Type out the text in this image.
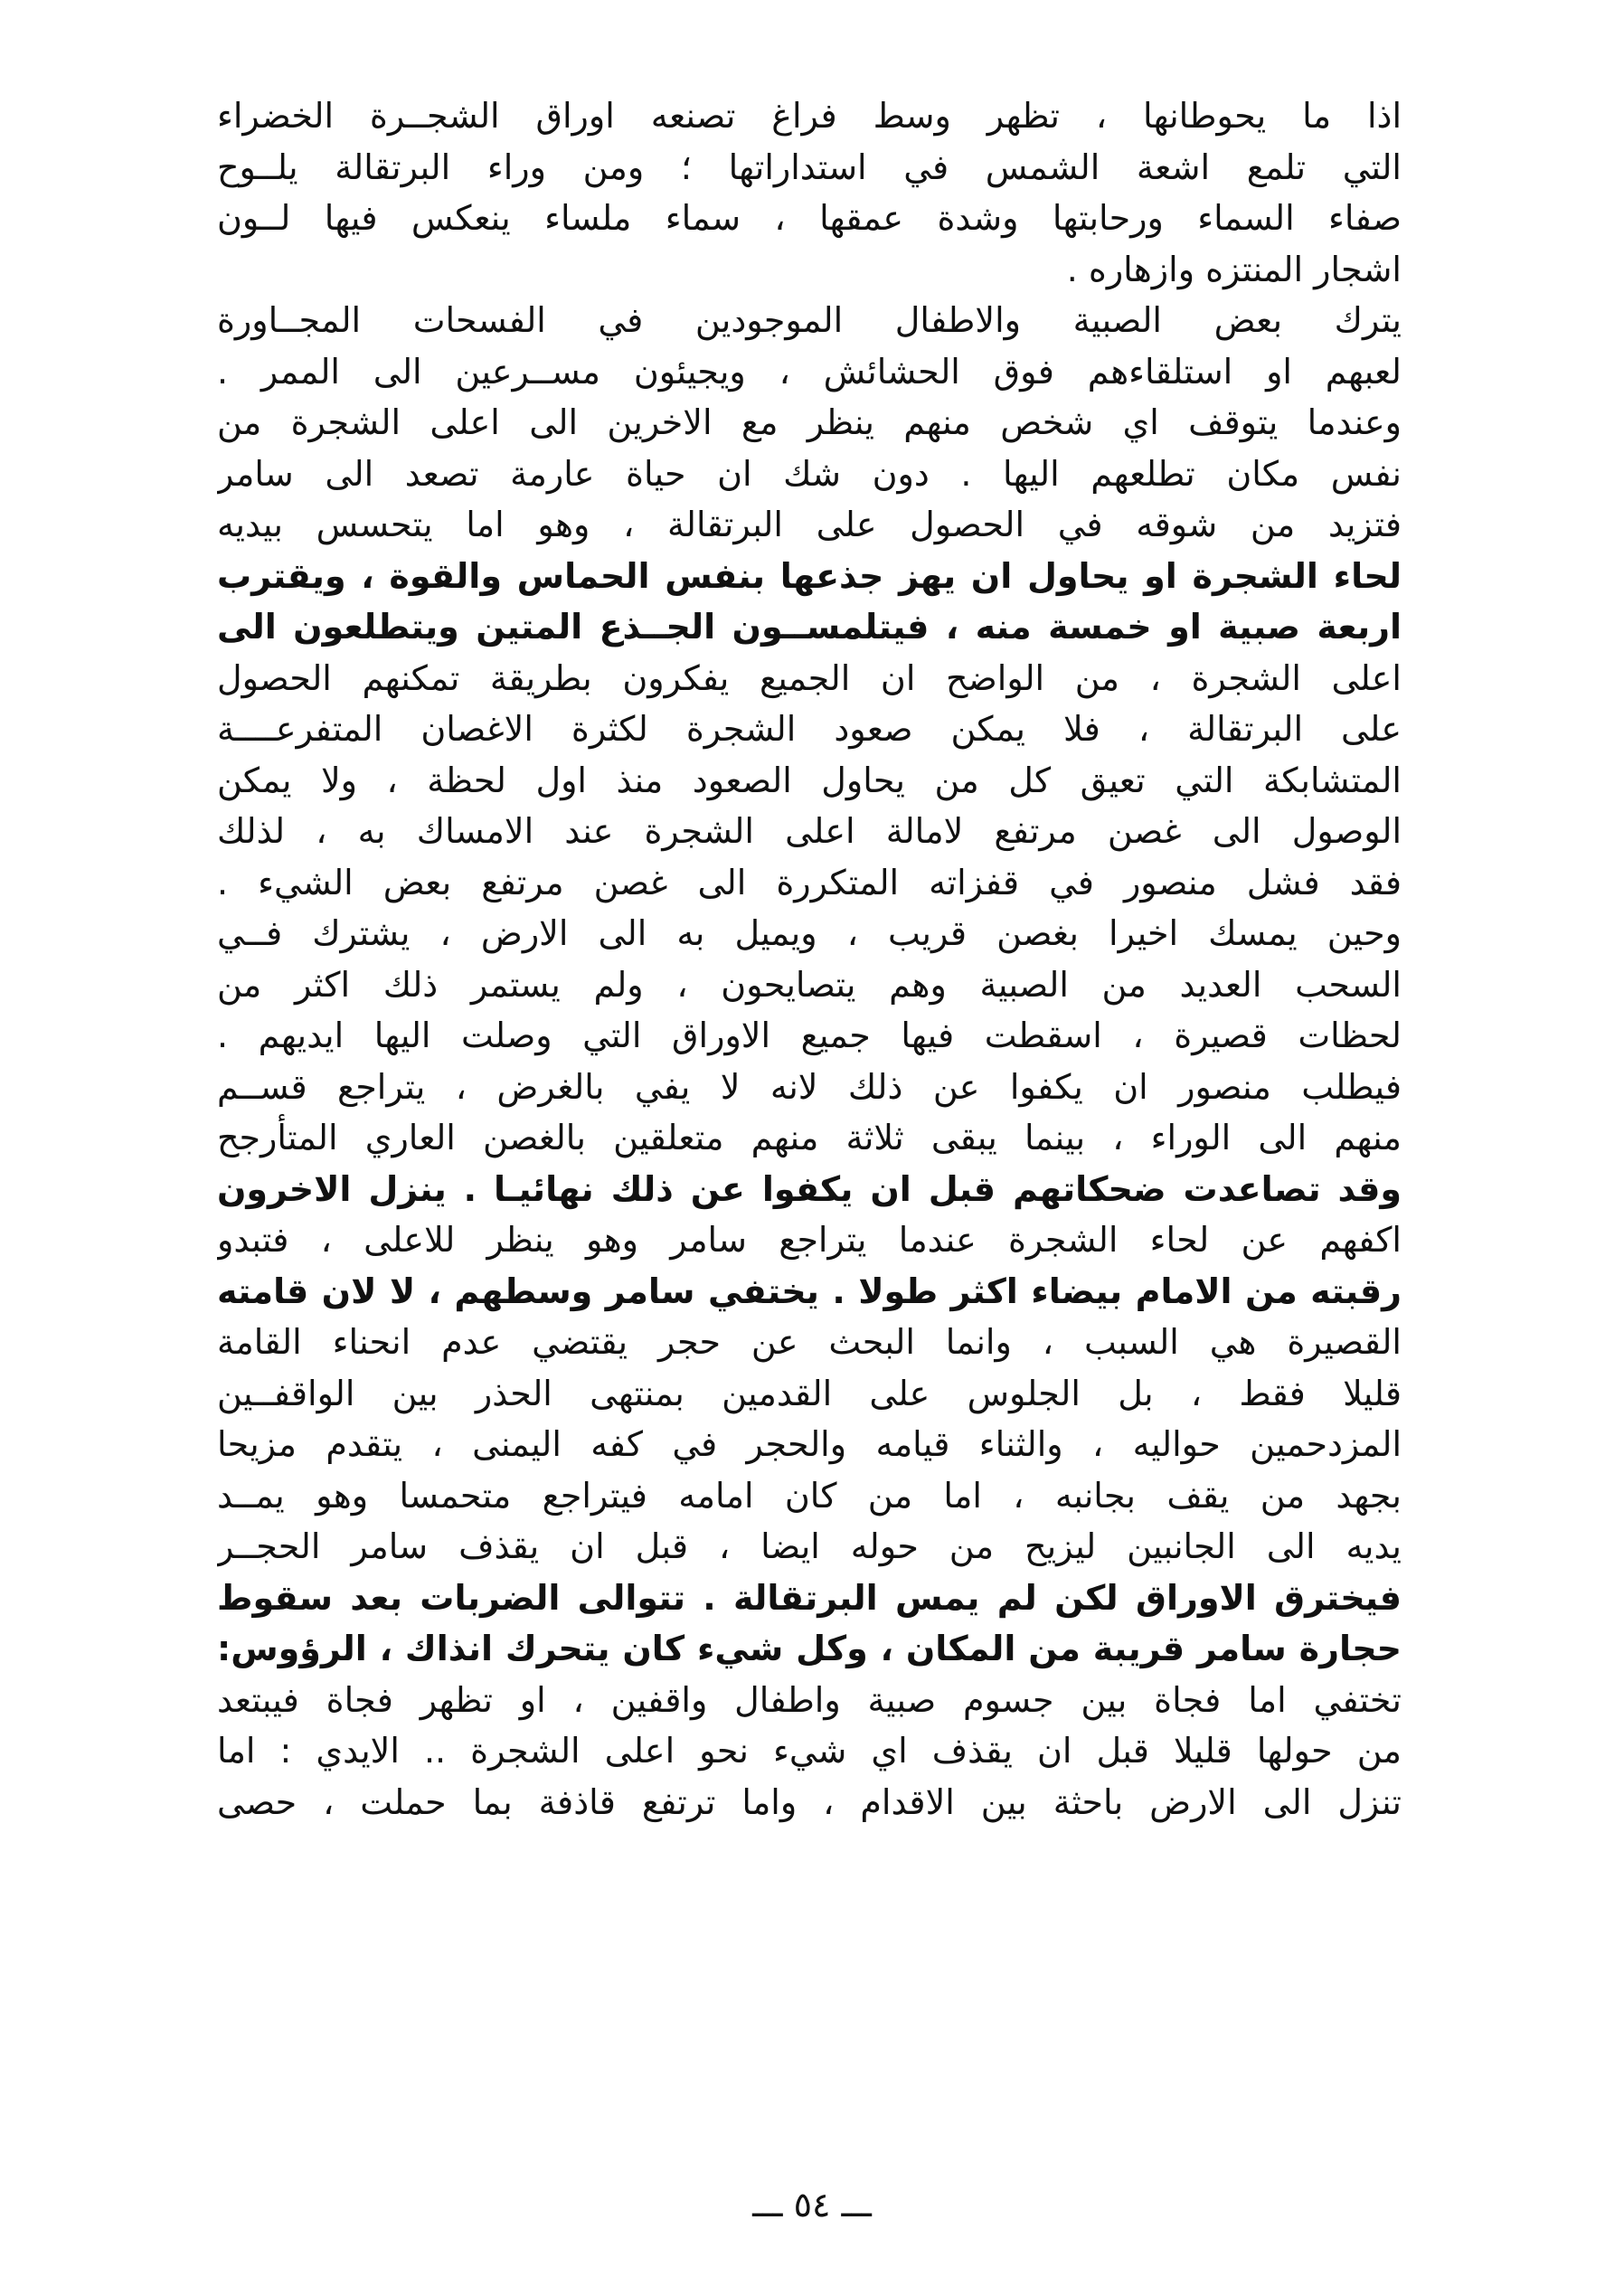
اذا ما يحوطانها ، تظهر وسط فراغ تصنعه اوراق الشجــرة الخضراء
التي تلمع اشعة الشمس في استداراتها ؛ ومن وراء البرتقالة يلــوح
صفاء السماء ورحابتها وشدة عمقها ، سماء ملساء ينعكس فيها لــون
اشجار المنتزه وازهاره .
يترك بعض الصبية والاطفال الموجودين في الفسحات المجــاورة
لعبهم او استلقاءهم فوق الحشائش ، ويجيئون مســرعين الى الممر .
وعندما يتوقف اي شخص منهم ينظر مع الاخرين الى اعلى الشجرة من
نفس مكان تطلعهم اليها . دون شك ان حياة عارمة تصعد الى سامر
فتزيد من شوقه في الحصول على البرتقالة ، وهو اما يتحسس بيديه
لحاء الشجرة او يحاول ان يهز جذعها بنفس الحماس والقوة ، ويقترب
اربعة صبية او خمسة منه ، فيتلمســون الجــذع المتين ويتطلعون الى
اعلى الشجرة ، من الواضح ان الجميع يفكرون بطريقة تمكنهم الحصول
على البرتقالة ، فلا يمكن صعود الشجرة لكثرة الاغصان المتفرعــــة
المتشابكة التي تعيق كل من يحاول الصعود منذ اول لحظة ، ولا يمكن
الوصول الى غصن مرتفع لامالة اعلى الشجرة عند الامساك به ، لذلك
فقد فشل منصور في قفزاته المتكررة الى غصن مرتفع بعض الشيء .
وحين يمسك اخيرا بغصن قريب ، ويميل به الى الارض ، يشترك فــي
السحب العديد من الصبية وهم يتصايحون ، ولم يستمر ذلك اكثر من
لحظات قصيرة ، اسقطت فيها جميع الاوراق التي وصلت اليها ايديهم .
فيطلب منصور ان يكفوا عن ذلك لانه لا يفي بالغرض ، يتراجع قســم
منهم الى الوراء ، بينما يبقى ثلاثة منهم متعلقين بالغصن العاري المتأرجح
وقد تصاعدت ضحكاتهم قبل ان يكفوا عن ذلك نهائيـا . ينزل الاخرون
اكفهم عن لحاء الشجرة عندما يتراجع سامر وهو ينظر للاعلى ، فتبدو
رقبته من الامام بيضاء اكثر طولا . يختفي سامر وسطهم ، لا لان قامته
القصيرة هي السبب ، وانما البحث عن حجر يقتضي عدم انحناء القامة
قليلا فقط ، بل الجلوس على القدمين بمنتهى الحذر بين الواقفــين
المزدحمين حواليه ، والثناء قيامه والحجر في كفه اليمنى ، يتقدم مزيحا
بجهد من يقف بجانبه ، اما من كان امامه فيتراجع متحمسا وهو يمــد
يديه الى الجانبين ليزيح من حوله ايضا ، قبل ان يقذف سامر الحجــر
فيخترق الاوراق لكن لم يمس البرتقالة . تتوالى الضربات بعد سقوط
حجارة سامر قريبة من المكان ، وكل شيء كان يتحرك انذاك ، الرؤوس:
تختفي اما فجاة بين جسوم صبية واطفال واقفين ، او تظهر فجاة فيبتعد
من حولها قليلا قبل ان يقذف اي شيء نحو اعلى الشجرة .. الايدي : اما
تنزل الى الارض باحثة بين الاقدام ، واما ترتفع قاذفة بما حملت ، حصى
ـــ ٥٤ ـــ
